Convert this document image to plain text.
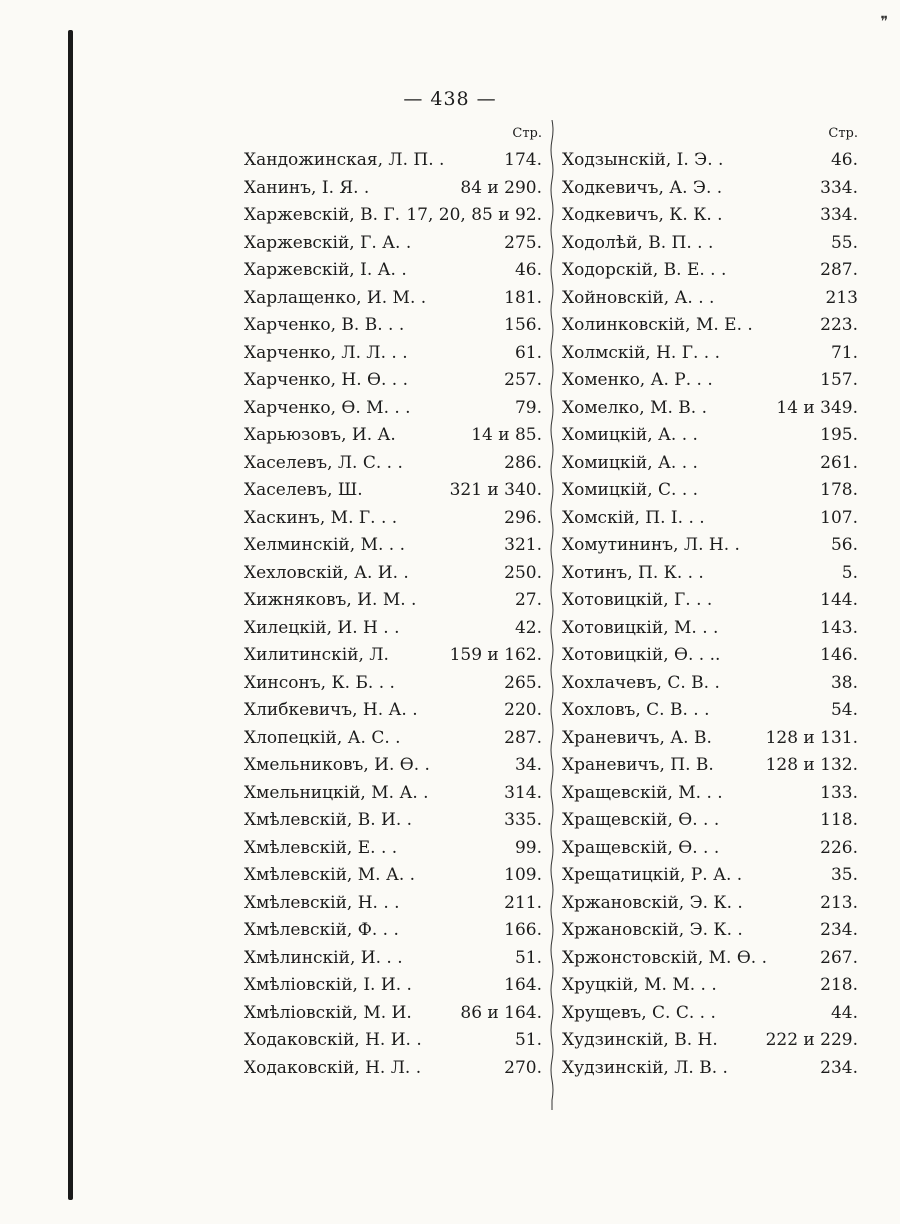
❞
— 438 —
Стр.
Хандожинская, Л. П. .	174.
Ханинъ, I. Я. .	84 и 290.
Харжевскій, В. Г. 17, 20, 85 и 92.
Харжевскій, Г. А. .	275.
Харжевскій, I. А. .	46.
Харлащенко, И. М. .	181.
Харченко, В. В. . .	156.
Харченко, Л. Л. . .	61.
Харченко, Н. Ѳ. . .	257.
Харченко, Ѳ. М. . .	79.
Харьюзовъ, И. А.	14 и 85.
Хаселевъ, Л. С. . .	286.
Хаселевъ, Ш.	321 и 340.
Хаскинъ, М. Г. . .	296.
Хелминскій, М. . .	321.
Хехловскій, А. И. .	250.
Хижняковъ, И. М. .	27.
Хилецкій, И. Н . .	42.
Хилитинскій, Л.	159 и 162.
Хинсонъ, К. Б. . .	265.
Хлибкевичъ, Н. А. .	220.
Хлопецкій, А. С. .	287.
Хмельниковъ, И. Ѳ. .	34.
Хмельницкій, М. А. .	314.
Хмѣлевскій, В. И. .	335.
Хмѣлевскій, Е. . .	99.
Хмѣлевскій, М. А. .	109.
Хмѣлевскій, Н. . .	211.
Хмѣлевскій, Ф. . .	166.
Хмѣлинскій, И. . .	51.
Хмѣліовскій, I. И. .	164.
Хмѣліовскій, М. И.	86 и 164.
Ходаковскій, Н. И. .	51.
Ходаковскій, Н. Л. .	270.
Стр.
Ходзынскій, I. Э. .	46.
Ходкевичъ, А. Э. .	334.
Ходкевичъ, К. К. .	334.
Ходолѣй, В. П. . .	55.
Ходорскій, В. Е. . .	287.
Хойновскій, А. . .	213
Холинковскій, М. Е. .	223.
Холмскій, Н. Г. . .	71.
Хоменко, А. Р. . .	157.
Хомелко, М. В. .	14 и 349.
Хомицкій, А. . .	195.
Хомицкій, А. . .	261.
Хомицкій, С. . .	178.
Хомскій, П. I. . .	107.
Хомутининъ, Л. Н. .	56.
Хотинъ, П. К. . .	5.
Хотовицкій, Г. . .	144.
Хотовицкій, М. . .	143.
Хотовицкій, Ѳ. . ..	146.
Хохлачевъ, С. В. .	38.
Хохловъ, С. В. . .	54.
Храневичъ, А. В.	128 и 131.
Храневичъ, П. В.	128 и 132.
Хращевскій, М. . .	133.
Хращевскій, Ѳ. . .	118.
Хращевскій, Ѳ. . .	226.
Хрещатицкій, Р. А. .	35.
Хржановскій, Э. К. .	213.
Хржановскій, Э. К. .	234.
Хржонстовскій, М. Ѳ. .	267.
Хруцкій, М. М. . .	218.
Хрущевъ, С. С. . .	44.
Худзинскій, В. Н.	222 и 229.
Худзинскій, Л. В. .	234.
